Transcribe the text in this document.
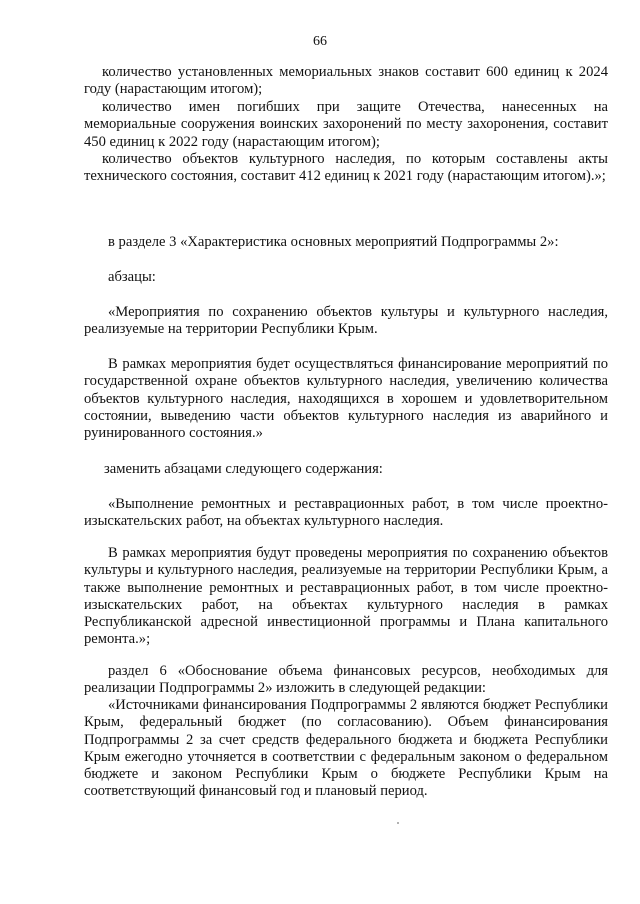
66

количество установленных мемориальных знаков составит 600 единиц к 2024 году (нарастающим итогом);

количество имен погибших при защите Отечества, нанесенных на мемориальные сооружения воинских захоронений по месту захоронения, составит 450 единиц к 2022 году (нарастающим итогом);

количество объектов культурного наследия, по которым составлены акты технического состояния, составит 412 единиц к 2021 году (нарастающим итогом).»;

в разделе 3 «Характеристика основных мероприятий Подпрограммы 2»:

абзацы:

«Мероприятия по сохранению объектов культуры и культурного наследия, реализуемые на территории Республики Крым.

В рамках мероприятия будет осуществляться финансирование мероприятий по государственной охране объектов культурного наследия, увеличению количества объектов культурного наследия, находящихся в хорошем и удовлетворительном состоянии, выведению части объектов культурного наследия из аварийного и руинированного состояния.»

заменить абзацами следующего содержания:

«Выполнение ремонтных и реставрационных работ, в том числе проектно-изыскательских работ, на объектах культурного наследия.

В рамках мероприятия будут проведены мероприятия по сохранению объектов культуры и культурного наследия, реализуемые на территории Республики Крым, а также выполнение ремонтных и реставрационных работ, в том числе проектно-изыскательских работ, на объектах культурного наследия в рамках Республиканской адресной инвестиционной программы и Плана капитального ремонта.»;

раздел 6 «Обоснование объема финансовых ресурсов, необходимых для реализации Подпрограммы 2» изложить в следующей редакции:

«Источниками финансирования Подпрограммы 2 являются бюджет Республики Крым, федеральный бюджет (по согласованию). Объем финансирования Подпрограммы 2 за счет средств федерального бюджета и бюджета Республики Крым ежегодно уточняется в соответствии с федеральным законом о федеральном бюджете и законом Республики Крым о бюджете Республики Крым на соответствующий финансовый год и плановый период.
